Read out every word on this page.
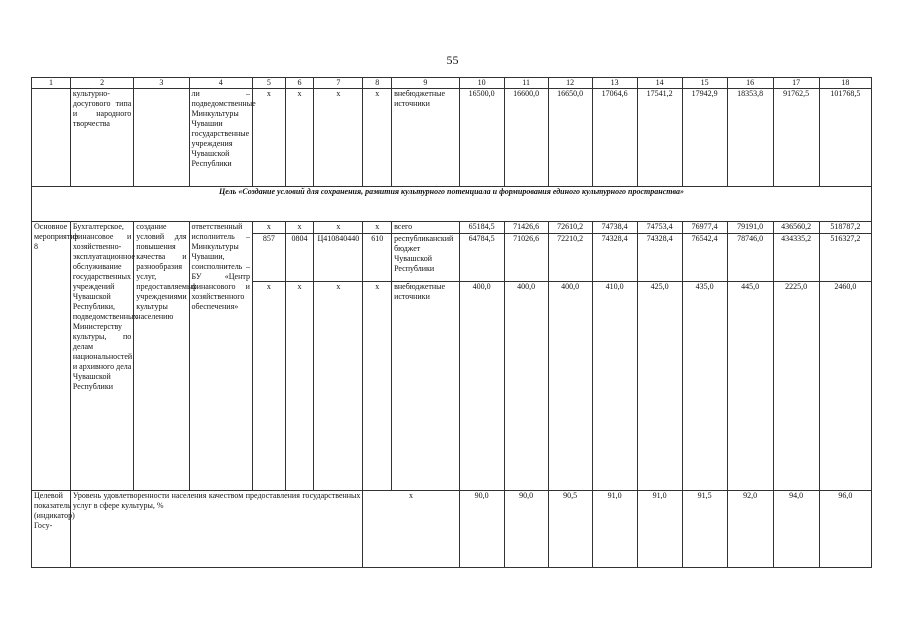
55
1	2	3	4	5	6	7	8	9	10	11	12	13	14	15	16	17	18
	культурно-досугового типа и народного творчества		ли – подведомственные Минкультуры Чувашии государственные учреждения Чувашской Республики	x	x	x	x	внебюджетные источники	16500,0	16600,0	16650,0	17064,6	17541,2	17942,9	18353,8	91762,5	101768,5
Цель «Создание условий для сохранения, развития культурного потенциала и формирования единого культурного пространства»																	
Основное мероприятие 8	Бухгалтерское, финансовое и хозяйственно-эксплуатационное обслуживание государственных учреждений Чувашской Республики, подведомственных Министерству культуры, по делам национальностей и архивного дела Чувашской Республики	создание условий для повышения качества и разнообразия услуг, предоставляемых учреждениями культуры населению	ответственный исполнитель – Минкультуры Чувашии, соисполнитель – БУ «Центр финансового и хозяйственного обеспечения»	x	x	x	x	всего	65184,5	71426,6	72610,2	74738,4	74753,4	76977,4	79191,0	436560,2	518787,2
				857	0804	Ц410840440	610	республиканский бюджет Чувашской Республики	64784,5	71026,6	72210,2	74328,4	74328,4	76542,4	78746,0	434335,2	516327,2
				x	x	x	x	внебюджетные источники	400,0	400,0	400,0	410,0	425,0	435,0	445,0	2225,0	2460,0
Целевой показатель (индикатор) Госу-	Уровень удовлетворенности населения качеством предоставления государственных услуг в сфере культуры, %						x		90,0	90,0	90,5	91,0	91,0	91,5	92,0	94,0	96,0
